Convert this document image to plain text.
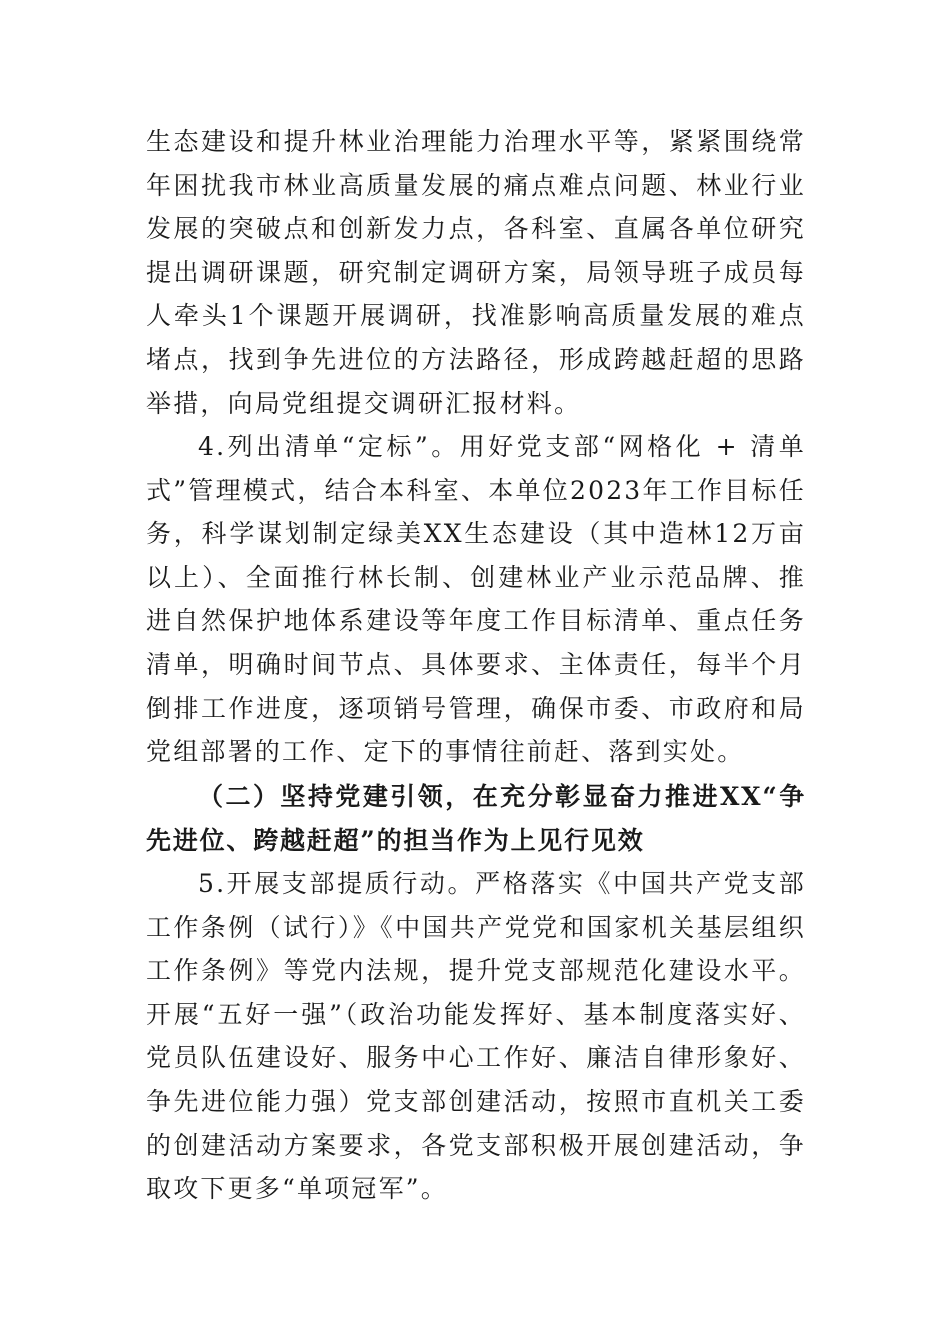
生态建设和提升林业治理能力治理水平等，紧紧围绕常年困扰我市林业高质量发展的痛点难点问题、林业行业发展的突破点和创新发力点，各科室、直属各单位研究提出调研课题，研究制定调研方案，局领导班子成员每人牵头1个课题开展调研，找准影响高质量发展的难点堵点，找到争先进位的方法路径，形成跨越赶超的思路举措，向局党组提交调研汇报材料。

4.列出清单“定标”。用好党支部“网格化 + 清单式”管理模式，结合本科室、本单位2023年工作目标任务，科学谋划制定绿美XX生态建设（其中造林12万亩以上）、全面推行林长制、创建林业产业示范品牌、推进自然保护地体系建设等年度工作目标清单、重点任务清单，明确时间节点、具体要求、主体责任，每半个月倒排工作进度，逐项销号管理，确保市委、市政府和局党组部署的工作、定下的事情往前赶、落到实处。

（二）坚持党建引领，在充分彰显奋力推进XX“争先进位、跨越赶超”的担当作为上见行见效

5.开展支部提质行动。严格落实《中国共产党支部工作条例（试行）》《中国共产党党和国家机关基层组织工作条例》等党内法规，提升党支部规范化建设水平。开展“五好一强”（政治功能发挥好、基本制度落实好、党员队伍建设好、服务中心工作好、廉洁自律形象好、争先进位能力强）党支部创建活动，按照市直机关工委的创建活动方案要求，各党支部积极开展创建活动，争取攻下更多“单项冠军”。
